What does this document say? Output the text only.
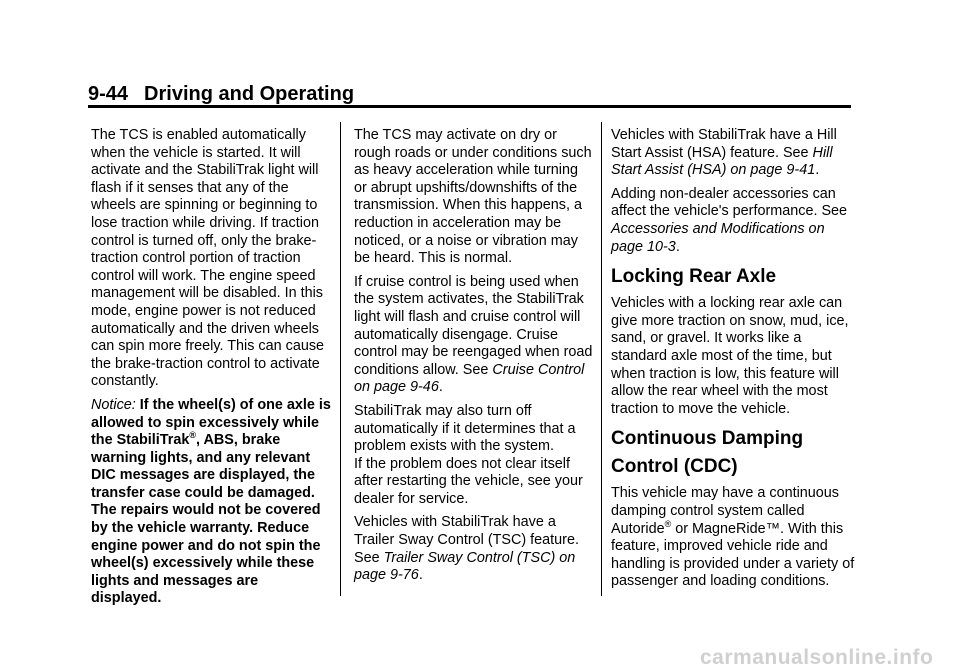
9-44 Driving and Operating

The TCS is enabled automatically when the vehicle is started. It will activate and the StabiliTrak light will flash if it senses that any of the wheels are spinning or beginning to lose traction while driving. If traction control is turned off, only the brake-traction control portion of traction control will work. The engine speed management will be disabled. In this mode, engine power is not reduced automatically and the driven wheels can spin more freely. This can cause the brake-traction control to activate constantly.

Notice: If the wheel(s) of one axle is allowed to spin excessively while the StabiliTrak®, ABS, brake warning lights, and any relevant DIC messages are displayed, the transfer case could be damaged. The repairs would not be covered by the vehicle warranty. Reduce engine power and do not spin the wheel(s) excessively while these lights and messages are displayed.

The TCS may activate on dry or rough roads or under conditions such as heavy acceleration while turning or abrupt upshifts/downshifts of the transmission. When this happens, a reduction in acceleration may be noticed, or a noise or vibration may be heard. This is normal.

If cruise control is being used when the system activates, the StabiliTrak light will flash and cruise control will automatically disengage. Cruise control may be reengaged when road conditions allow. See Cruise Control on page 9-46.

StabiliTrak may also turn off automatically if it determines that a problem exists with the system.
If the problem does not clear itself after restarting the vehicle, see your dealer for service.

Vehicles with StabiliTrak have a Trailer Sway Control (TSC) feature. See Trailer Sway Control (TSC) on page 9-76.

Vehicles with StabiliTrak have a Hill Start Assist (HSA) feature. See Hill Start Assist (HSA) on page 9-41.

Adding non-dealer accessories can affect the vehicle's performance. See Accessories and Modifications on page 10-3.

Locking Rear Axle

Vehicles with a locking rear axle can give more traction on snow, mud, ice, sand, or gravel. It works like a standard axle most of the time, but when traction is low, this feature will allow the rear wheel with the most traction to move the vehicle.

Continuous Damping Control (CDC)

This vehicle may have a continuous damping control system called Autoride® or MagneRide™. With this feature, improved vehicle ride and handling is provided under a variety of passenger and loading conditions.

carmanualsonline.info
